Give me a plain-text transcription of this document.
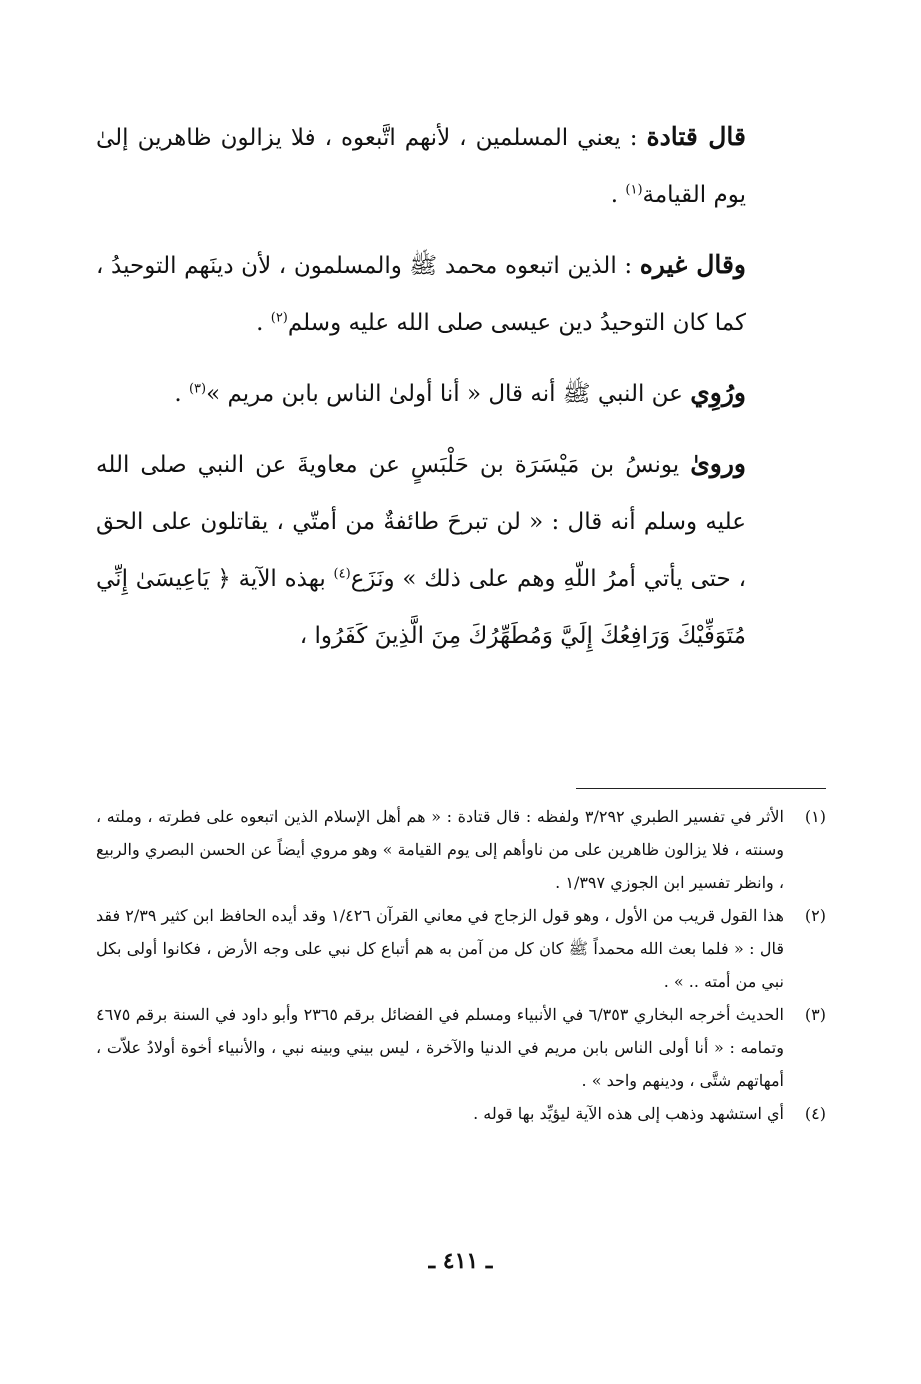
قال قتادة : يعني المسلمين ، لأنهم اتَّبعوه ، فلا يزالون ظاهرين إلىٰ يوم القيامة$^{(١)}$ .

وقال غيره : الذين اتبعوه محمد ﷺ والمسلمون ، لأن دينَهم التوحيدُ ، كما كان التوحيدُ دين عيسى صلى الله عليه وسلم$^{(٢)}$ .

ورُوِي عن النبي ﷺ أنه قال « أنا أولىٰ الناس بابن مريم »$^{(٣)}$ .

وروىٰ يونسُ بن مَيْسَرَة بن حَلْبَسٍ عن معاويةَ عن النبي صلى الله عليه وسلم أنه قال : « لن تبرحَ طائفةٌ من أمتّي ، يقاتلون على الحق ، حتى يأتي أمرُ اللّهِ وهم على ذلك » ونَزَع$^{(٤)}$ بهذه الآية ﴿ يَاعِيسَىٰ إِنِّي مُتَوَفِّيْكَ وَرَافِعُكَ إِلَيَّ وَمُطَهِّرُكَ مِنَ الَّذِينَ كَفَرُوا ،

(١)
الأثر في تفسير الطبري ٣/٢٩٢ ولفظه : قال قتادة : « هم أهل الإسلام الذين اتبعوه على فطرته ، وملته ، وسنته ، فلا يزالون ظاهرين على من ناوأهم إلى يوم القيامة » وهو مروي أيضاً عن الحسن البصري والربيع ، وانظر تفسير ابن الجوزي ١/٣٩٧ .
(٢)
هذا القول قريب من الأول ، وهو قول الزجاج في معاني القرآن ١/٤٢٦ وقد أيده الحافظ ابن كثير ٢/٣٩ فقد قال : « فلما بعث الله محمداً ﷺ كان كل من آمن به هم أتباع كل نبي على وجه الأرض ، فكانوا أولى بكل نبي من أمته .. » .
(٣)
الحديث أخرجه البخاري ٦/٣٥٣ في الأنبياء ومسلم في الفضائل برقم ٢٣٦٥ وأبو داود في السنة برقم ٤٦٧٥ وتمامه : « أنا أولى الناس بابن مريم في الدنيا والآخرة ، ليس بيني وبينه نبي ، والأنبياء أخوة أولادُ علاّت ، أمهاتهم شتَّى ، ودينهم واحد » .
(٤)
أي استشهد وذهب إلى هذه الآية ليؤيِّد بها قوله .
ـ ٤١١ ـ
